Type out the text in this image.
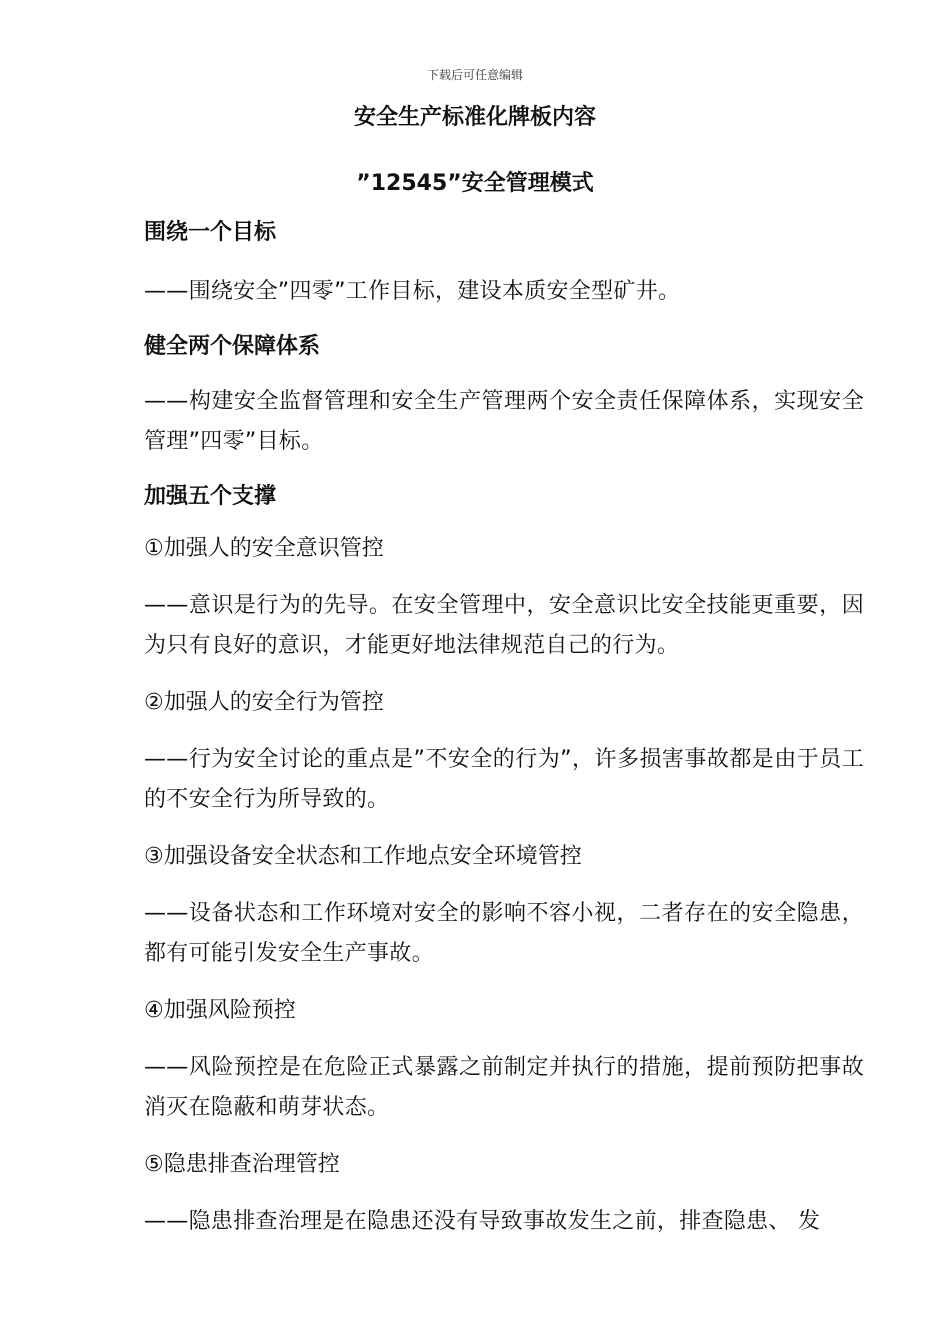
下载后可任意编辑
安全生产标准化牌板内容
”12545”安全管理模式

围绕一个目标

——围绕安全”四零”工作目标，建设本质安全型矿井。

健全两个保障体系

——构建安全监督管理和安全生产管理两个安全责任保障体系，实现安全管理”四零”目标。

加强五个支撑

①加强人的安全意识管控

——意识是行为的先导。在安全管理中，安全意识比安全技能更重要，因为只有良好的意识，才能更好地法律规范自己的行为。

②加强人的安全行为管控

——行为安全讨论的重点是”不安全的行为”，许多损害事故都是由于员工的不安全行为所导致的。

③加强设备安全状态和工作地点安全环境管控

——设备状态和工作环境对安全的影响不容小视，二者存在的安全隐患，都有可能引发安全生产事故。

④加强风险预控

——风险预控是在危险正式暴露之前制定并执行的措施，提前预防把事故消灭在隐蔽和萌芽状态。

⑤隐患排查治理管控

——隐患排查治理是在隐患还没有导致事故发生之前，排查隐患、 发
